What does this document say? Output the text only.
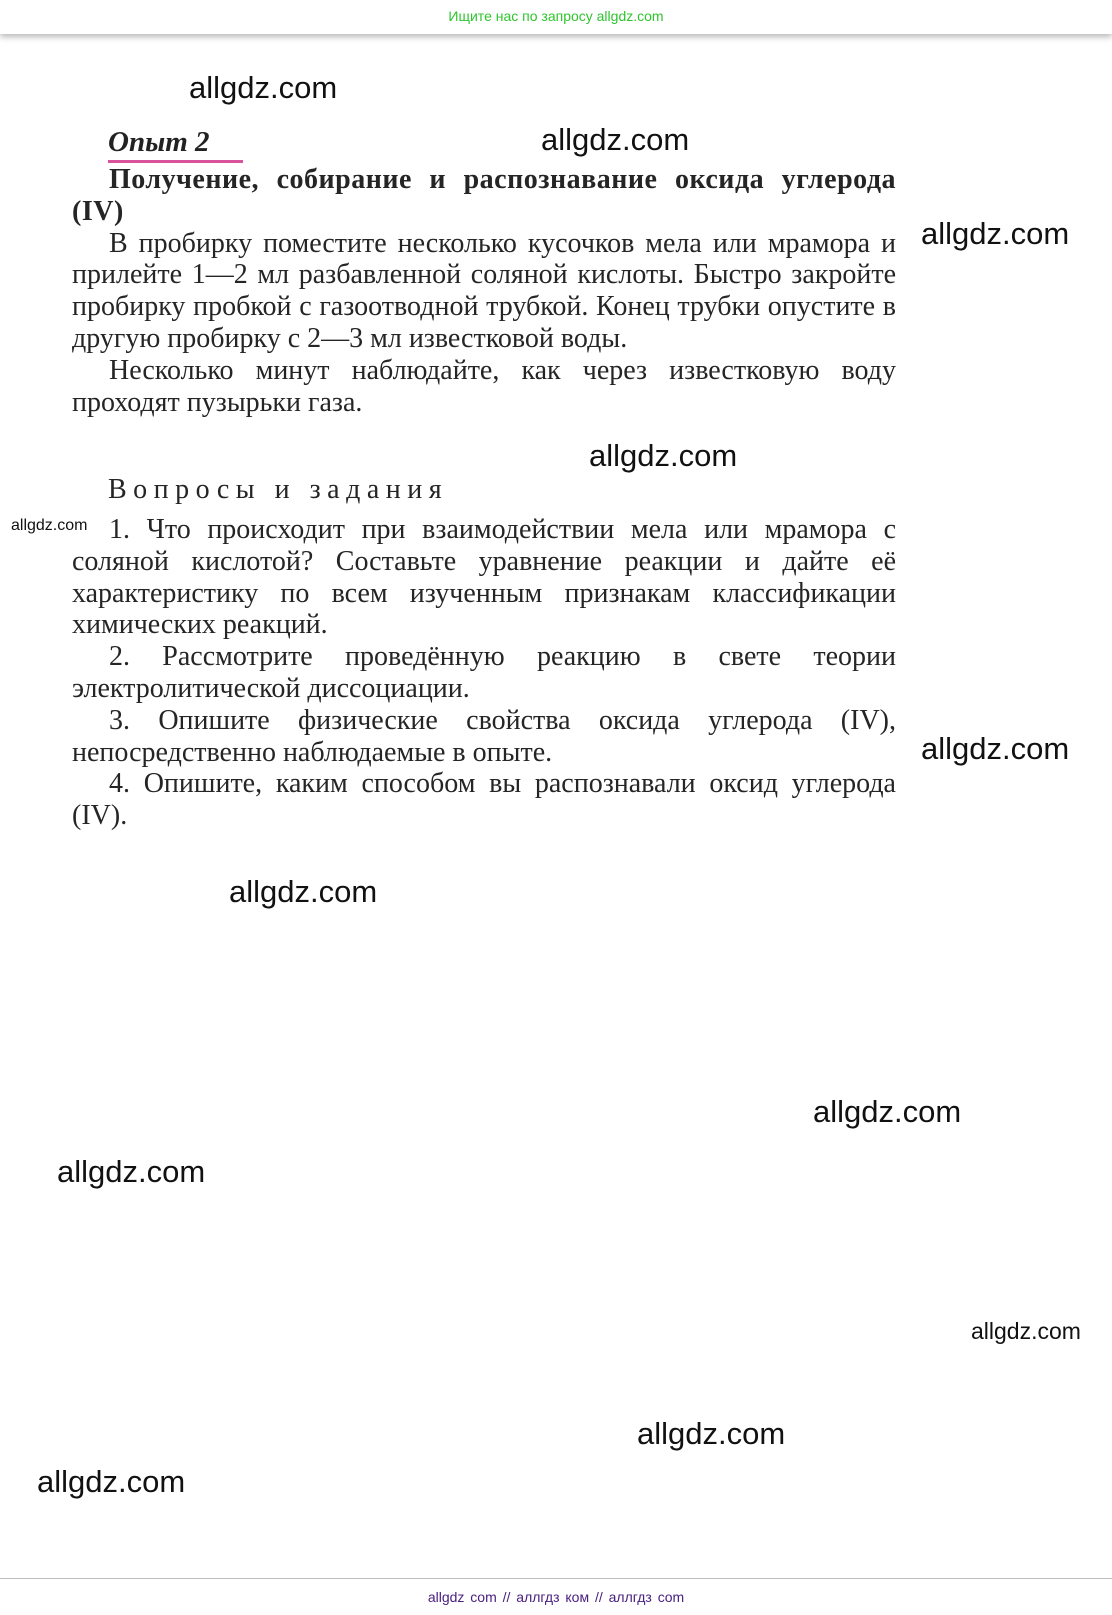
Ищите нас по запросу allgdz.com
Опыт 2

Получение, собирание и распознавание оксида углерода (IV)

В пробирку поместите несколько кусочков мела или мрамора и прилейте 1—2 мл разбавленной соляной кислоты. Быстро закройте пробирку пробкой с газоотводной трубкой. Конец трубки опустите в другую пробирку с 2—3 мл известковой воды.

Несколько минут наблюдайте, как через известковую воду проходят пузырьки газа.

Вопросы и задания

1. Что происходит при взаимодействии мела или мрамора с соляной кислотой? Составьте уравнение реакции и дайте её характеристику по всем изученным признакам классификации химических реакций.

2. Рассмотрите проведённую реакцию в свете теории электролитической диссоциации.

3. Опишите физические свойства оксида углерода (IV), непосредственно наблюдаемые в опыте.

4. Опишите, каким способом вы распознавали оксид углерода (IV).

allgdz.com
allgdz.com
allgdz.com
allgdz.com
allgdz.com
allgdz.com
allgdz.com
allgdz.com
allgdz.com
allgdz.com
allgdz.com
allgdz.com
allgdz com // аллгдз ком // аллгдз com
